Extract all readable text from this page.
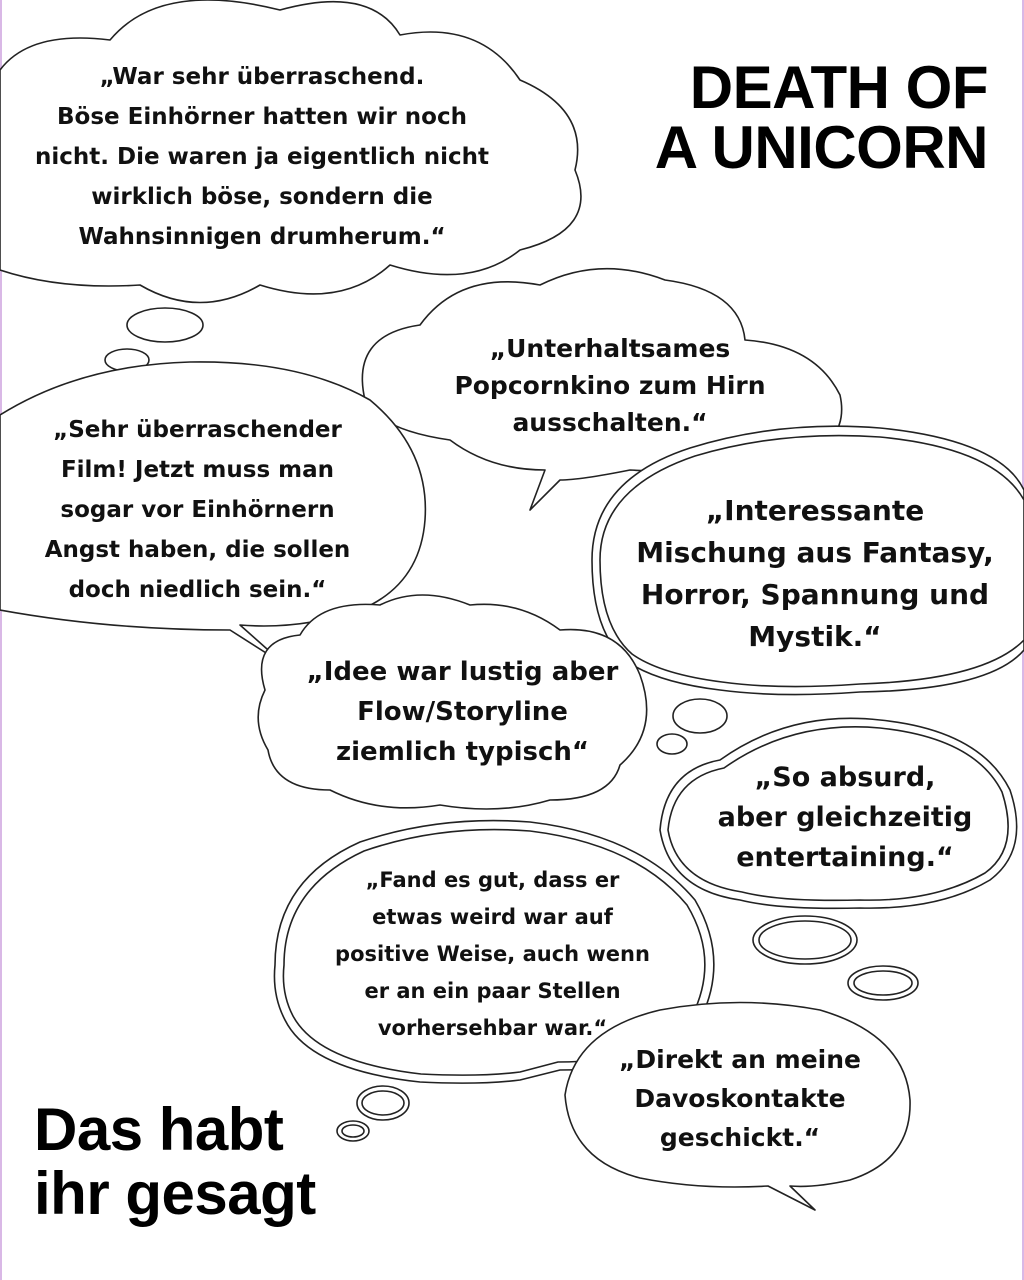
DEATH OF
A UNICORN
Das habt
ihr gesagt
„War sehr überraschend.
Böse Einhörner hatten wir noch
nicht. Die waren ja eigentlich nicht
wirklich böse, sondern die
Wahnsinnigen drumherum.“
„Unterhaltsames
Popcornkino zum Hirn
ausschalten.“
„Sehr überraschender
Film! Jetzt muss man
sogar vor Einhörnern
Angst haben, die sollen
doch niedlich sein.“
„Interessante
Mischung aus Fantasy,
Horror, Spannung und
Mystik.“
„Idee war lustig aber
Flow/Storyline
ziemlich typisch“
„So absurd,
aber gleichzeitig
entertaining.“
„Fand es gut, dass er
etwas weird war auf
positive Weise, auch wenn
er an ein paar Stellen
vorhersehbar war.“
„Direkt an meine
Davoskontakte
geschickt.“
